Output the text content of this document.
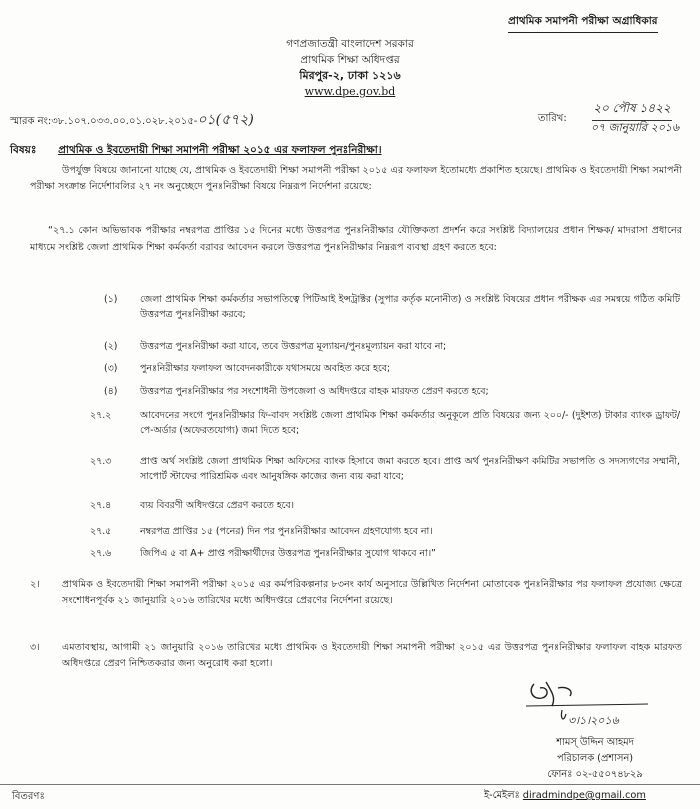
প্রাথমিক সমাপনী পরীক্ষা অগ্রাধিকার
গণপ্রজাতন্ত্রী বাংলাদেশ সরকার
প্রাথমিক শিক্ষা অধিদপ্তর
মিরপুর-২, ঢাকা ১২১৬
www.dpe.gov.bd
স্মারক নং:৩৮.১০৭.০৩৩.০০.০১.০২৮.২০১৫-০১(৫৭২)	তারিখ:
২০ পৌষ ১৪২২
০৭ জানুয়ারি ২০১৬
বিষয়ঃ প্রাথমিক ও ইবতেদায়ী শিক্ষা সমাপনী পরীক্ষা ২০১৫ এর ফলাফল পুনঃনিরীক্ষা।
উপর্যুক্ত বিষয়ে জানানো যাচ্ছে যে, প্রাথমিক ও ইবতেদায়ী শিক্ষা সমাপনী পরীক্ষা ২০১৫ এর ফলাফল ইতোমধ্যে প্রকাশিত হয়েছে। প্রাথমিক ও ইবতেদায়ী শিক্ষা সমাপনী পরীক্ষা সংক্রান্ত নির্দেশাবলির ২৭ নং অনুচ্ছেদে পুনঃনিরীক্ষা বিষয়ে নিম্নরূপ নির্দেশনা রয়েছে:
“২৭.১ কোন অভিভাবক পরীক্ষার নম্বরপত্র প্রাপ্তির ১৫ দিনের মধ্যে উত্তরপত্র পুনঃনিরীক্ষার যৌক্তিকতা প্রদর্শন করে সংশ্লিষ্ট বিদ্যালয়ের প্রধান শিক্ষক/ মাদরাসা প্রধানের মাধ্যমে সংশ্লিষ্ট জেলা প্রাথমিক শিক্ষা কর্মকর্তা বরাবর আবেদন করলে উত্তরপত্র পুনঃনিরীক্ষার নিম্নরূপ ব্যবস্থা গ্রহণ করতে হবে:
(১) জেলা প্রাথমিক শিক্ষা কর্মকর্তার সভাপতিত্বে পিটিআই ইন্সট্রাক্টর (সুপার কর্তৃক মনোনীত) ও সংশ্লিষ্ট বিষয়ের প্রধান পরীক্ষক এর সমন্বয়ে গঠিত কমিটি উত্তরপত্র পুনঃনিরীক্ষা করবে;
(২) উত্তরপত্র পুনঃনিরীক্ষা করা যাবে, তবে উত্তরপত্র মূল্যায়ন/পুনঃমূল্যায়ন করা যাবে না;
(৩) পুনঃনিরীক্ষার ফলাফল আবেদনকারীকে যথাসময়ে অবহিত করে হবে;
(৪) উত্তরপত্র পুনঃনিরীক্ষার পর সংশোধনী উপজেলা ও অধিদপ্তরে বাহক মারফত প্রেরণ করতে হবে;
২৭.২	আবেদনের সংগে পুনঃনিরীক্ষার ফি-বাবদ সংশ্লিষ্ট জেলা প্রাথমিক শিক্ষা কর্মকর্তার অনুকূলে প্রতি বিষয়ের জন্য ২০০/- (দুইশত) টাকার ব্যাংক ড্রাফট/পে-অর্ডার (অফেরতযোগ্য) জমা দিতে হবে;
২৭.৩	প্রাপ্ত অর্থ সংশ্লিষ্ট জেলা প্রাথমিক শিক্ষা অফিসের ব্যাংক হিসাবে জমা করতে হবে। প্রাপ্ত অর্থ পুনঃনিরীক্ষণ কমিটির সভাপতি ও সদস্যগণের সম্মানী, সাপোর্ট স্টাফের পারিশ্রমিক এবং আনুষঙ্গিক কাজের জন্য ব্যয় করা যাবে;
২৭.৪	ব্যয় বিবরণী অধিদপ্তরে প্রেরণ করতে হবে।
২৭.৫	নম্বরপত্র প্রাপ্তির ১৫ (পনের) দিন পর পুনঃনিরীক্ষার আবেদন গ্রহণযোগ্য হবে না।
২৭.৬	জিপিএ ৫ বা A+ প্রাপ্ত পরীক্ষার্থীদের উত্তরপত্র পুনঃনিরীক্ষার সুযোগ থাকবে না।”
২। প্রাথমিক ও ইবতেদায়ী শিক্ষা সমাপনী পরীক্ষা ২০১৫ এর কর্মপরিকল্পনার ৮৩নং কার্য অনুসারে উল্লিখিত নির্দেশনা মোতাবেক পুনঃনিরীক্ষার পর ফলাফল প্রযোজ্য ক্ষেত্রে সংশোধনপূর্বক ২১ জানুয়ারি ২০১৬ তারিখের মধ্যে অধিদপ্তরে প্রেরণের নির্দেশনা রয়েছে।
৩। এমতাবস্থায়, আগামী ২১ জানুয়ারি ২০১৬ তারিখের মধ্যে প্রাথমিক ও ইবতেদায়ী শিক্ষা সমাপনী পরীক্ষা ২০১৫ এর উত্তরপত্র পুনঃনিরীক্ষার ফলাফল বাহক মারফত অধিদপ্তরে প্রেরণ নিশ্চিতকরার জন্য অনুরোধ করা হলো।
৩।১।২০১৬
শামস্ উদ্দিন আহমদ
পরিচালক (প্রশাসন)
ফোনঃ ০২-৫৫০৭৪৮২৯
বিতরণঃ	ই-মেইলঃ diradmindpe@gmail.com
